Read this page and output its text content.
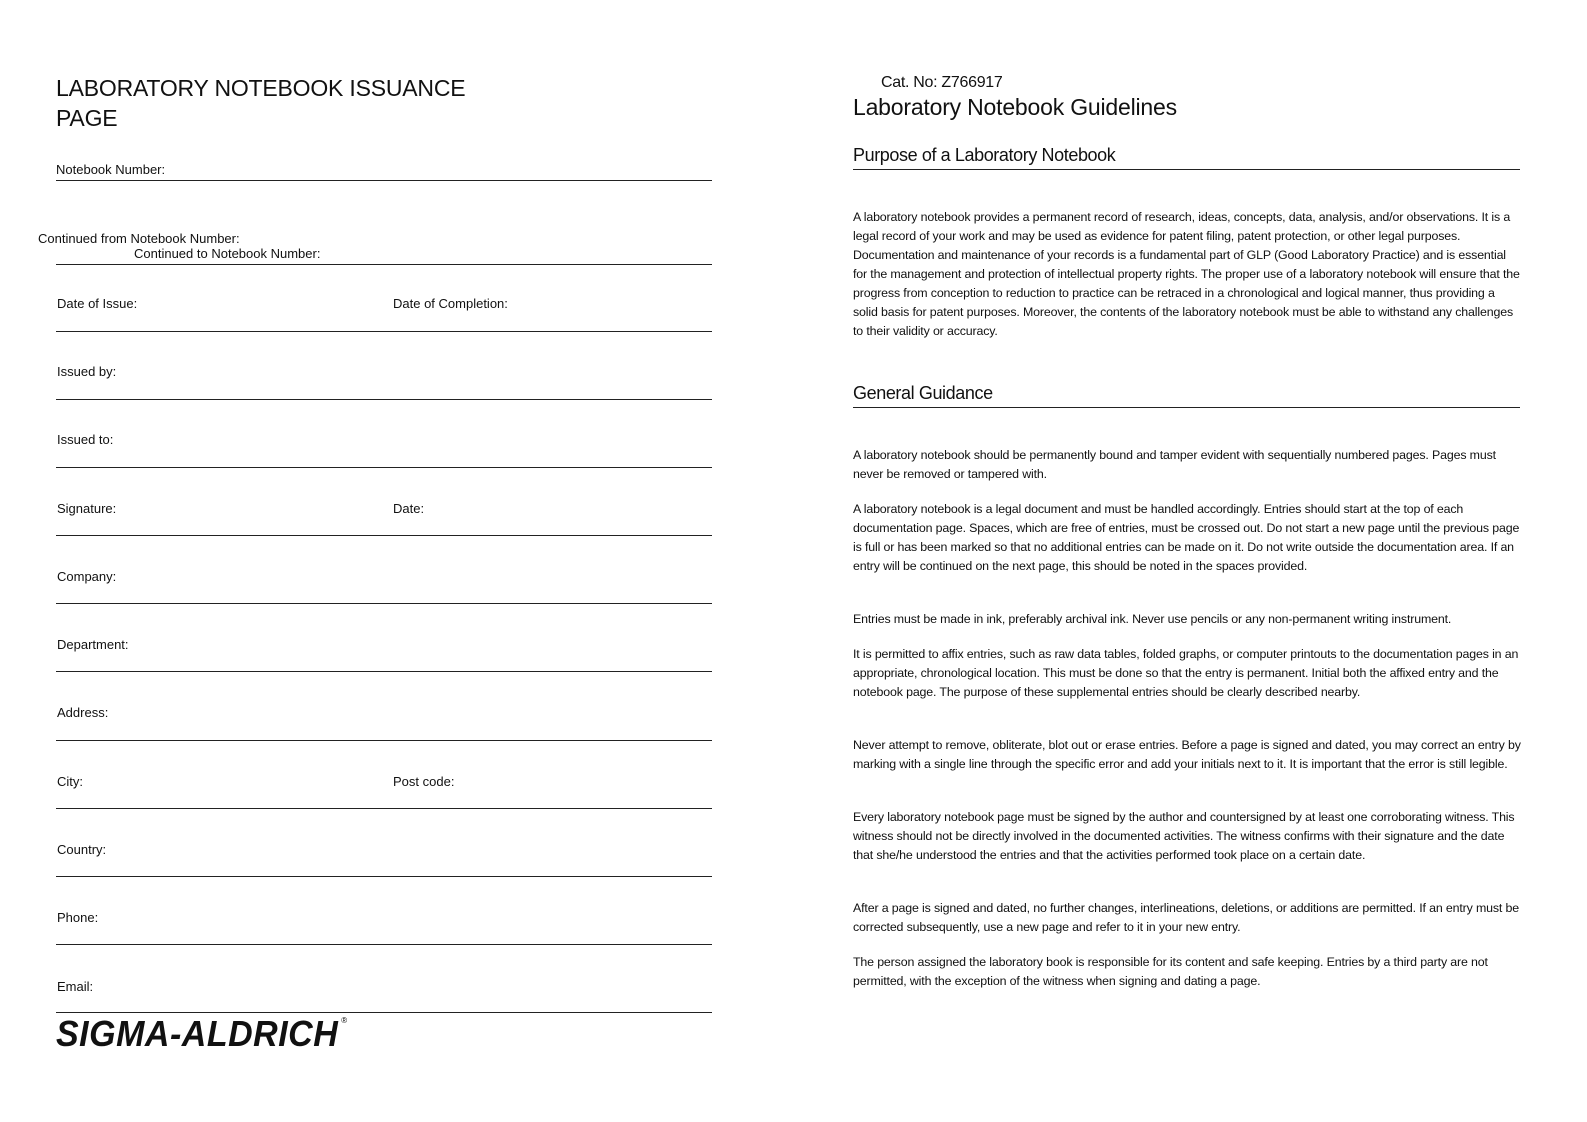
LABORATORY NOTEBOOK ISSUANCE PAGE
Notebook Number:
Continued from Notebook Number:
Continued to Notebook Number:
Date of Issue:	Date of Completion:
Issued by:
Issued to:
Signature:	Date:
Company:
Department:
Address:
City:	Post code:
Country:
Phone:
Email:
SIGMA-ALDRICH ®
Cat. No: Z766917
Laboratory Notebook Guidelines
Purpose of a Laboratory Notebook
A laboratory notebook provides a permanent record of research, ideas, concepts, data, analysis, and/or observations. It is a legal record of your work and may be used as evidence for patent filing, patent protection, or other legal purposes. Documentation and maintenance of your records is a fundamental part of GLP (Good Laboratory Practice) and is essential for the management and protection of intellectual property rights. The proper use of a laboratory notebook will ensure that the progress from conception to reduction to practice can be retraced in a chronological and logical manner, thus providing a solid basis for patent purposes. Moreover, the contents of the laboratory notebook must be able to withstand any challenges to their validity or accuracy.
General Guidance
A laboratory notebook should be permanently bound and tamper evident with sequentially numbered pages. Pages must never be removed or tampered with.
A laboratory notebook is a legal document and must be handled accordingly. Entries should start at the top of each documentation page. Spaces, which are free of entries, must be crossed out. Do not start a new page until the previous page is full or has been marked so that no additional entries can be made on it. Do not write outside the documentation area. If an entry will be continued on the next page, this should be noted in the spaces provided.
Entries must be made in ink, preferably archival ink. Never use pencils or any non-permanent writing instrument.
It is permitted to affix entries, such as raw data tables, folded graphs, or computer printouts to the documentation pages in an appropriate, chronological location. This must be done so that the entry is permanent. Initial both the affixed entry and the notebook page. The purpose of these supplemental entries should be clearly described nearby.
Never attempt to remove, obliterate, blot out or erase entries. Before a page is signed and dated, you may correct an entry by marking with a single line through the specific error and add your initials next to it. It is important that the error is still legible.
Every laboratory notebook page must be signed by the author and countersigned by at least one corroborating witness. This witness should not be directly involved in the documented activities. The witness confirms with their signature and the date that she/he understood the entries and that the activities performed took place on a certain date.
After a page is signed and dated, no further changes, interlineations, deletions, or additions are permitted. If an entry must be corrected subsequently, use a new page and refer to it in your new entry.
The person assigned the laboratory book is responsible for its content and safe keeping. Entries by a third party are not permitted, with the exception of the witness when signing and dating a page.
